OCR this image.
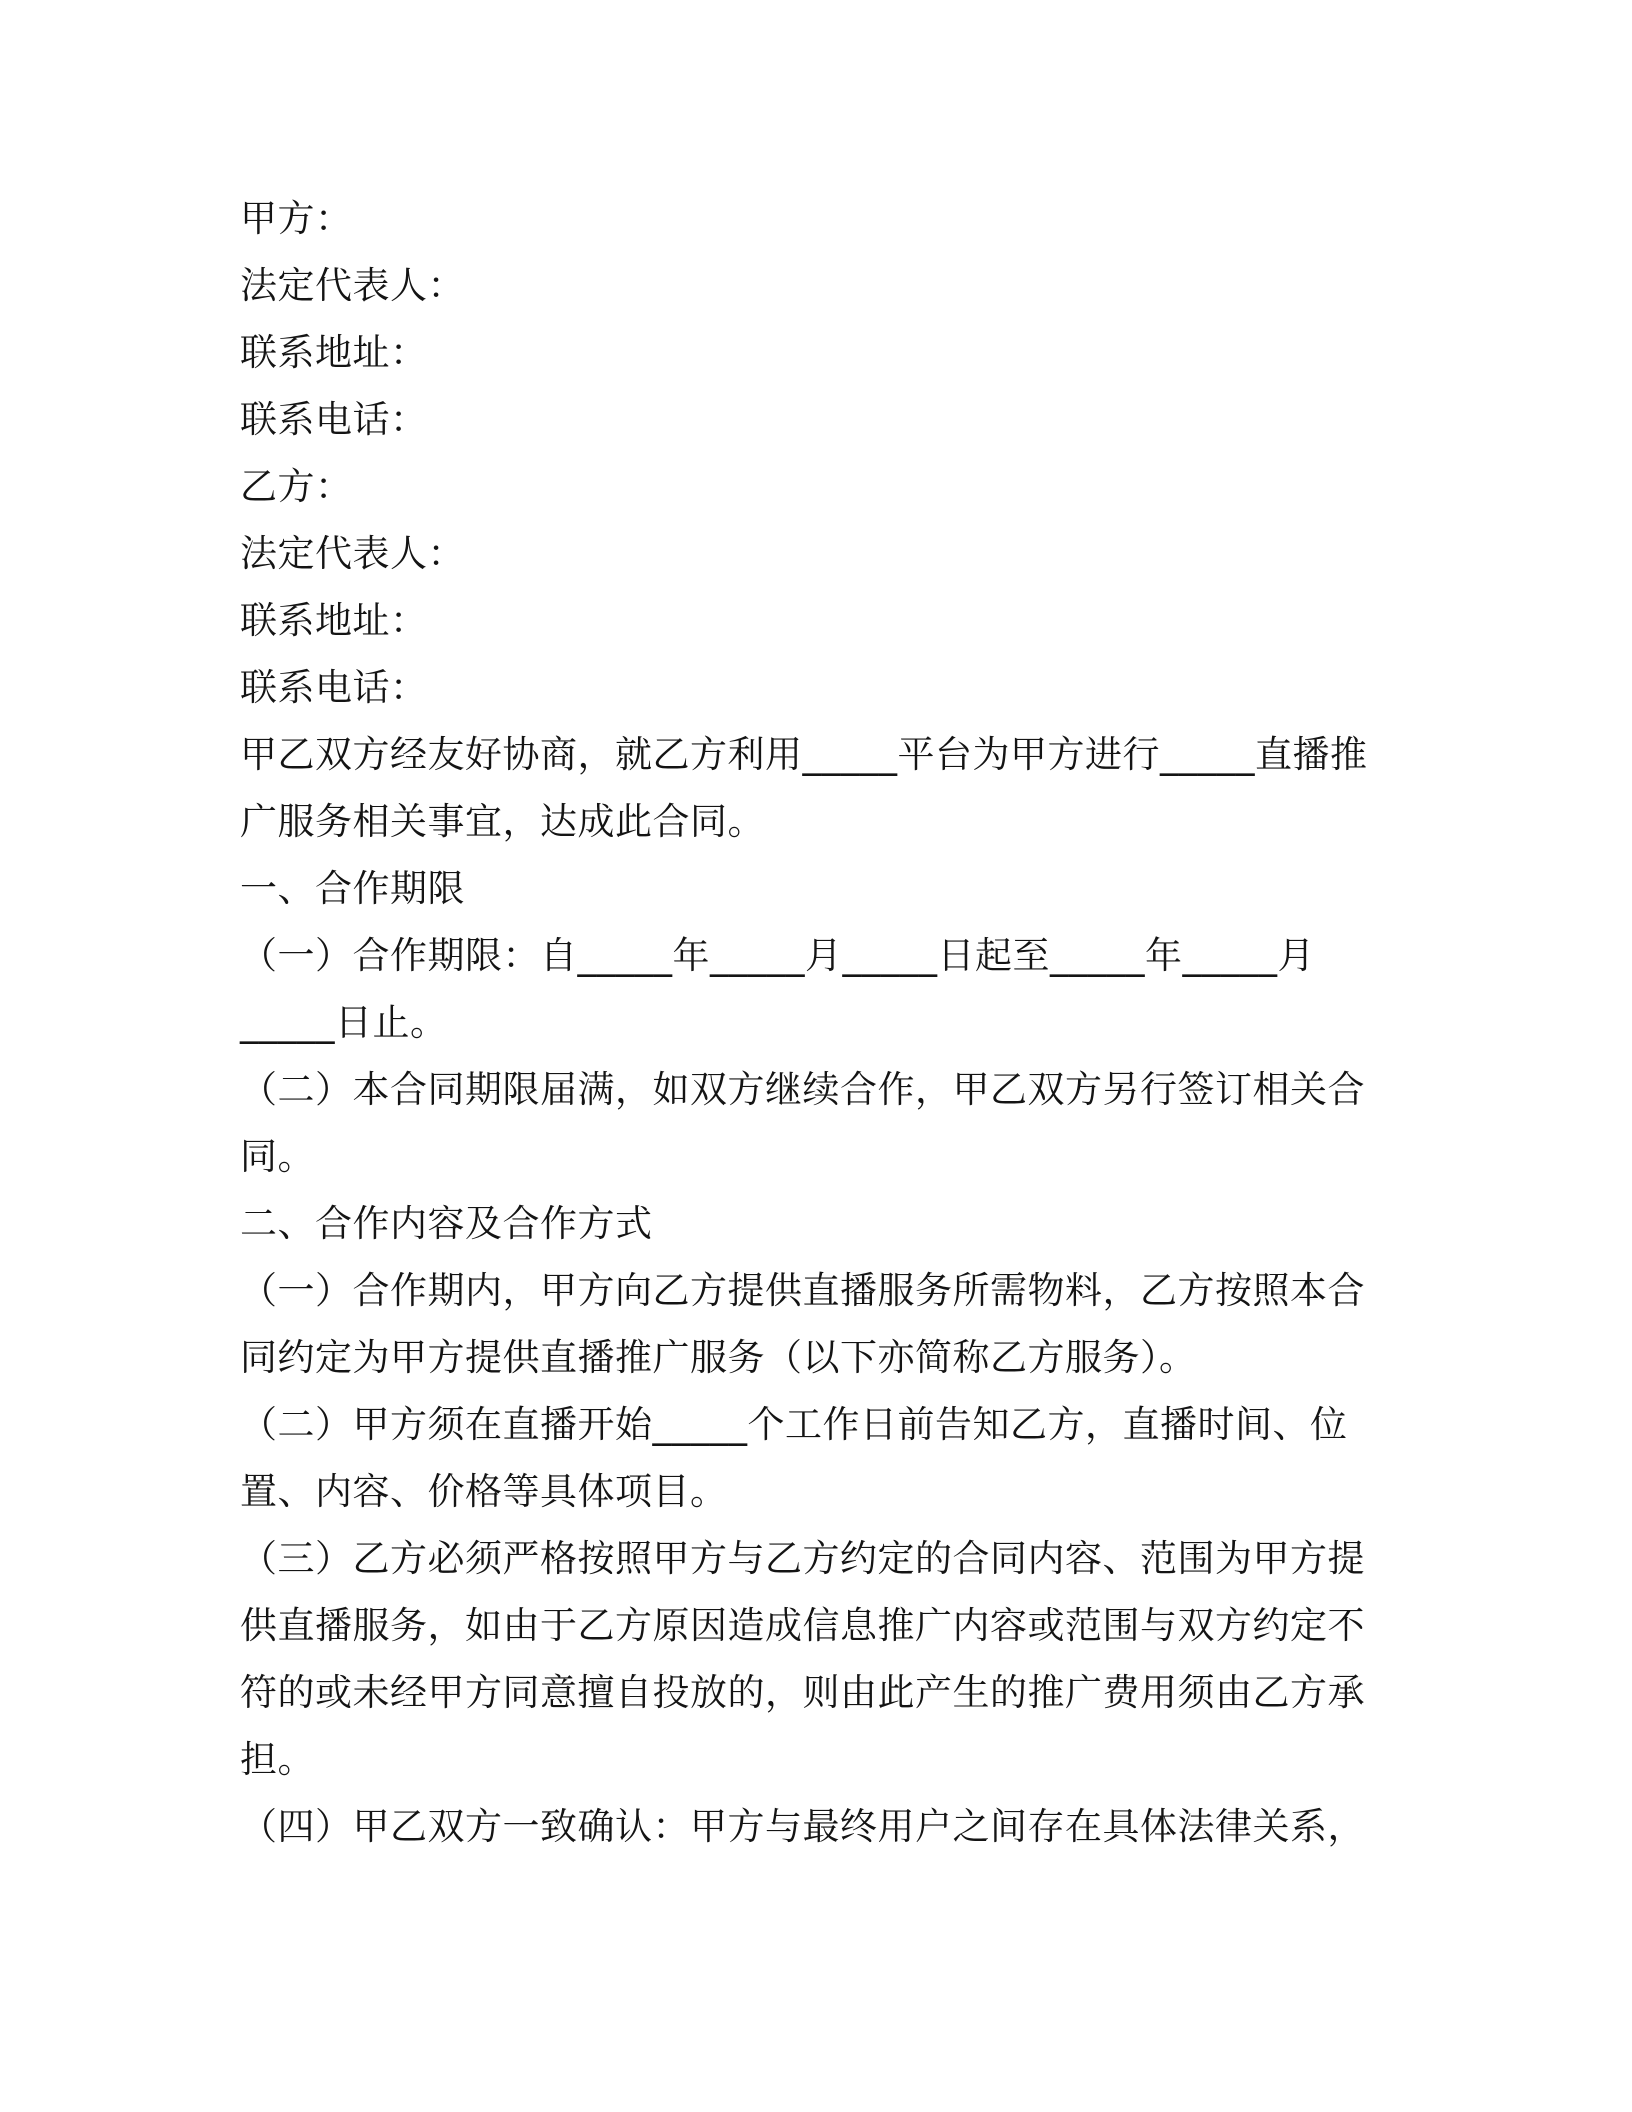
甲方：
法定代表人：
联系地址：
联系电话：
乙方：
法定代表人：
联系地址：
联系电话：
甲乙双方经友好协商，就乙方利用_____平台为甲方进行_____直播推
广服务相关事宜，达成此合同。
一、合作期限
（一）合作期限：自_____年_____月_____日起至_____年_____月
_____日止。
（二）本合同期限届满，如双方继续合作，甲乙双方另行签订相关合
同。
二、合作内容及合作方式
（一）合作期内，甲方向乙方提供直播服务所需物料，乙方按照本合
同约定为甲方提供直播推广服务（以下亦简称乙方服务）。
（二）甲方须在直播开始_____个工作日前告知乙方，直播时间、位
置、内容、价格等具体项目。
（三）乙方必须严格按照甲方与乙方约定的合同内容、范围为甲方提
供直播服务，如由于乙方原因造成信息推广内容或范围与双方约定不
符的或未经甲方同意擅自投放的，则由此产生的推广费用须由乙方承
担。
（四）甲乙双方一致确认：甲方与最终用户之间存在具体法律关系，
